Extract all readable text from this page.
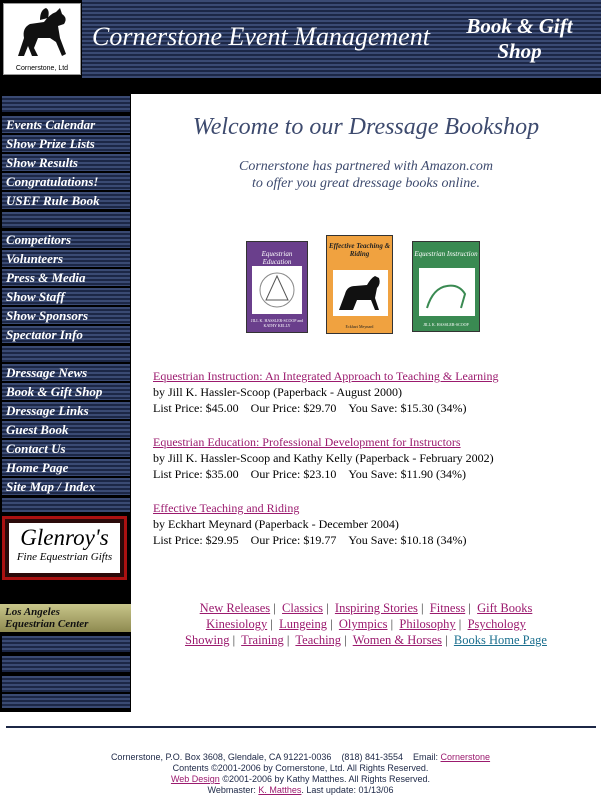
Cornerstone, Ltd
Cornerstone Event Management	Book & Gift
Shop
Events Calendar
Show Prize Lists
Show Results
Congratulations!
USEF Rule Book
Competitors
Volunteers
Press & Media
Show Staff
Show Sponsors
Spectator Info
Dressage News
Book & Gift Shop
Dressage Links
Guest Book
Contact Us
Home Page
Site Map / Index
Glenroy's
Fine Equestrian Gifts
Los Angeles
Equestrian Center
Welcome to our Dressage Bookshop
Cornerstone has partnered with Amazon.com
to offer you great dressage books online.
Equestrian Education
JILL K. HASSLER-SCOOP and KATHY KELLY
Effective Teaching & Riding
Eckhart Meynard
Equestrian Instruction
JILL K. HASSLER-SCOOP
Equestrian Instruction: An Integrated Approach to Teaching & Learning
by Jill K. Hassler-Scoop (Paperback - August 2000)
List Price: $45.00 Our Price: $29.70 You Save: $15.30 (34%)
Equestrian Education: Professional Development for Instructors
by Jill K. Hassler-Scoop and Kathy Kelly (Paperback - February 2002)
List Price: $35.00 Our Price: $23.10 You Save: $11.90 (34%)
Effective Teaching and Riding
by Eckhart Meynard (Paperback - December 2004)
List Price: $29.95 Our Price: $19.77 You Save: $10.18 (34%)
New Releases |  Classics |  Inspiring Stories |  Fitness |  Gift Books
Kinesiology |  Lungeing |  Olympics |  Philosophy |  Psychology
Showing |  Training |  Teaching |  Women & Horses |  Books Home Page
Cornerstone, P.O. Box 3608, Glendale, CA 91221-0036 (818) 841-3554 Email: Cornerstone
Contents ©2001-2006 by Cornerstone, Ltd. All Rights Reserved.
Web Design ©2001-2006 by Kathy Matthes. All Rights Reserved.
Webmaster: K. Matthes. Last update: 01/13/06
